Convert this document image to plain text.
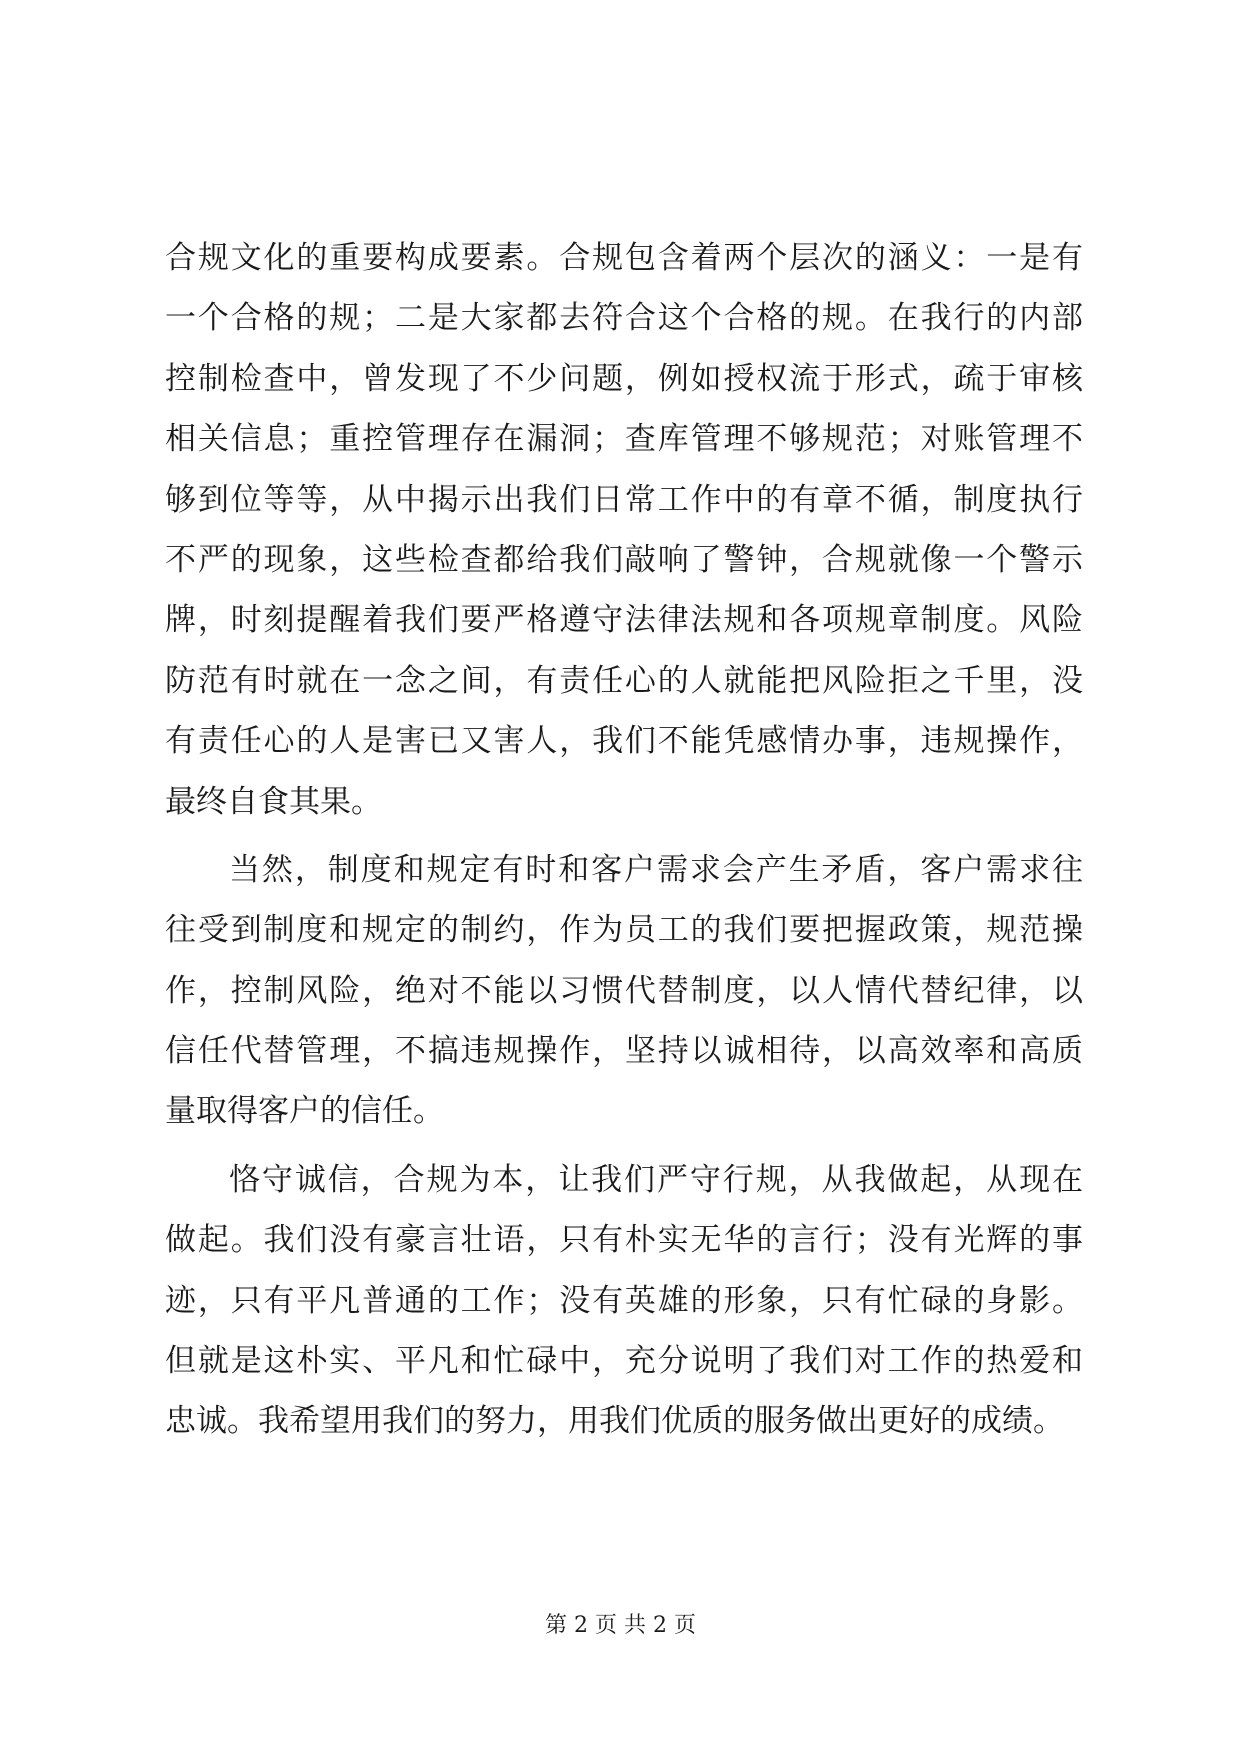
合规文化的重要构成要素。合规包含着两个层次的涵义：一是有
一个合格的规；二是大家都去符合这个合格的规。在我行的内部
控制检查中，曾发现了不少问题，例如授权流于形式，疏于审核
相关信息；重控管理存在漏洞；查库管理不够规范；对账管理不
够到位等等，从中揭示出我们日常工作中的有章不循，制度执行
不严的现象，这些检查都给我们敲响了警钟，合规就像一个警示
牌，时刻提醒着我们要严格遵守法律法规和各项规章制度。风险
防范有时就在一念之间，有责任心的人就能把风险拒之千里，没
有责任心的人是害已又害人，我们不能凭感情办事，违规操作，
最终自食其果。
当然，制度和规定有时和客户需求会产生矛盾，客户需求往
往受到制度和规定的制约，作为员工的我们要把握政策，规范操
作，控制风险，绝对不能以习惯代替制度，以人情代替纪律，以
信任代替管理，不搞违规操作，坚持以诚相待，以高效率和高质
量取得客户的信任。
恪守诚信，合规为本，让我们严守行规，从我做起，从现在
做起。我们没有豪言壮语，只有朴实无华的言行；没有光辉的事
迹，只有平凡普通的工作；没有英雄的形象，只有忙碌的身影。
但就是这朴实、平凡和忙碌中，充分说明了我们对工作的热爱和
忠诚。我希望用我们的努力，用我们优质的服务做出更好的成绩。
第 2 页 共 2 页
